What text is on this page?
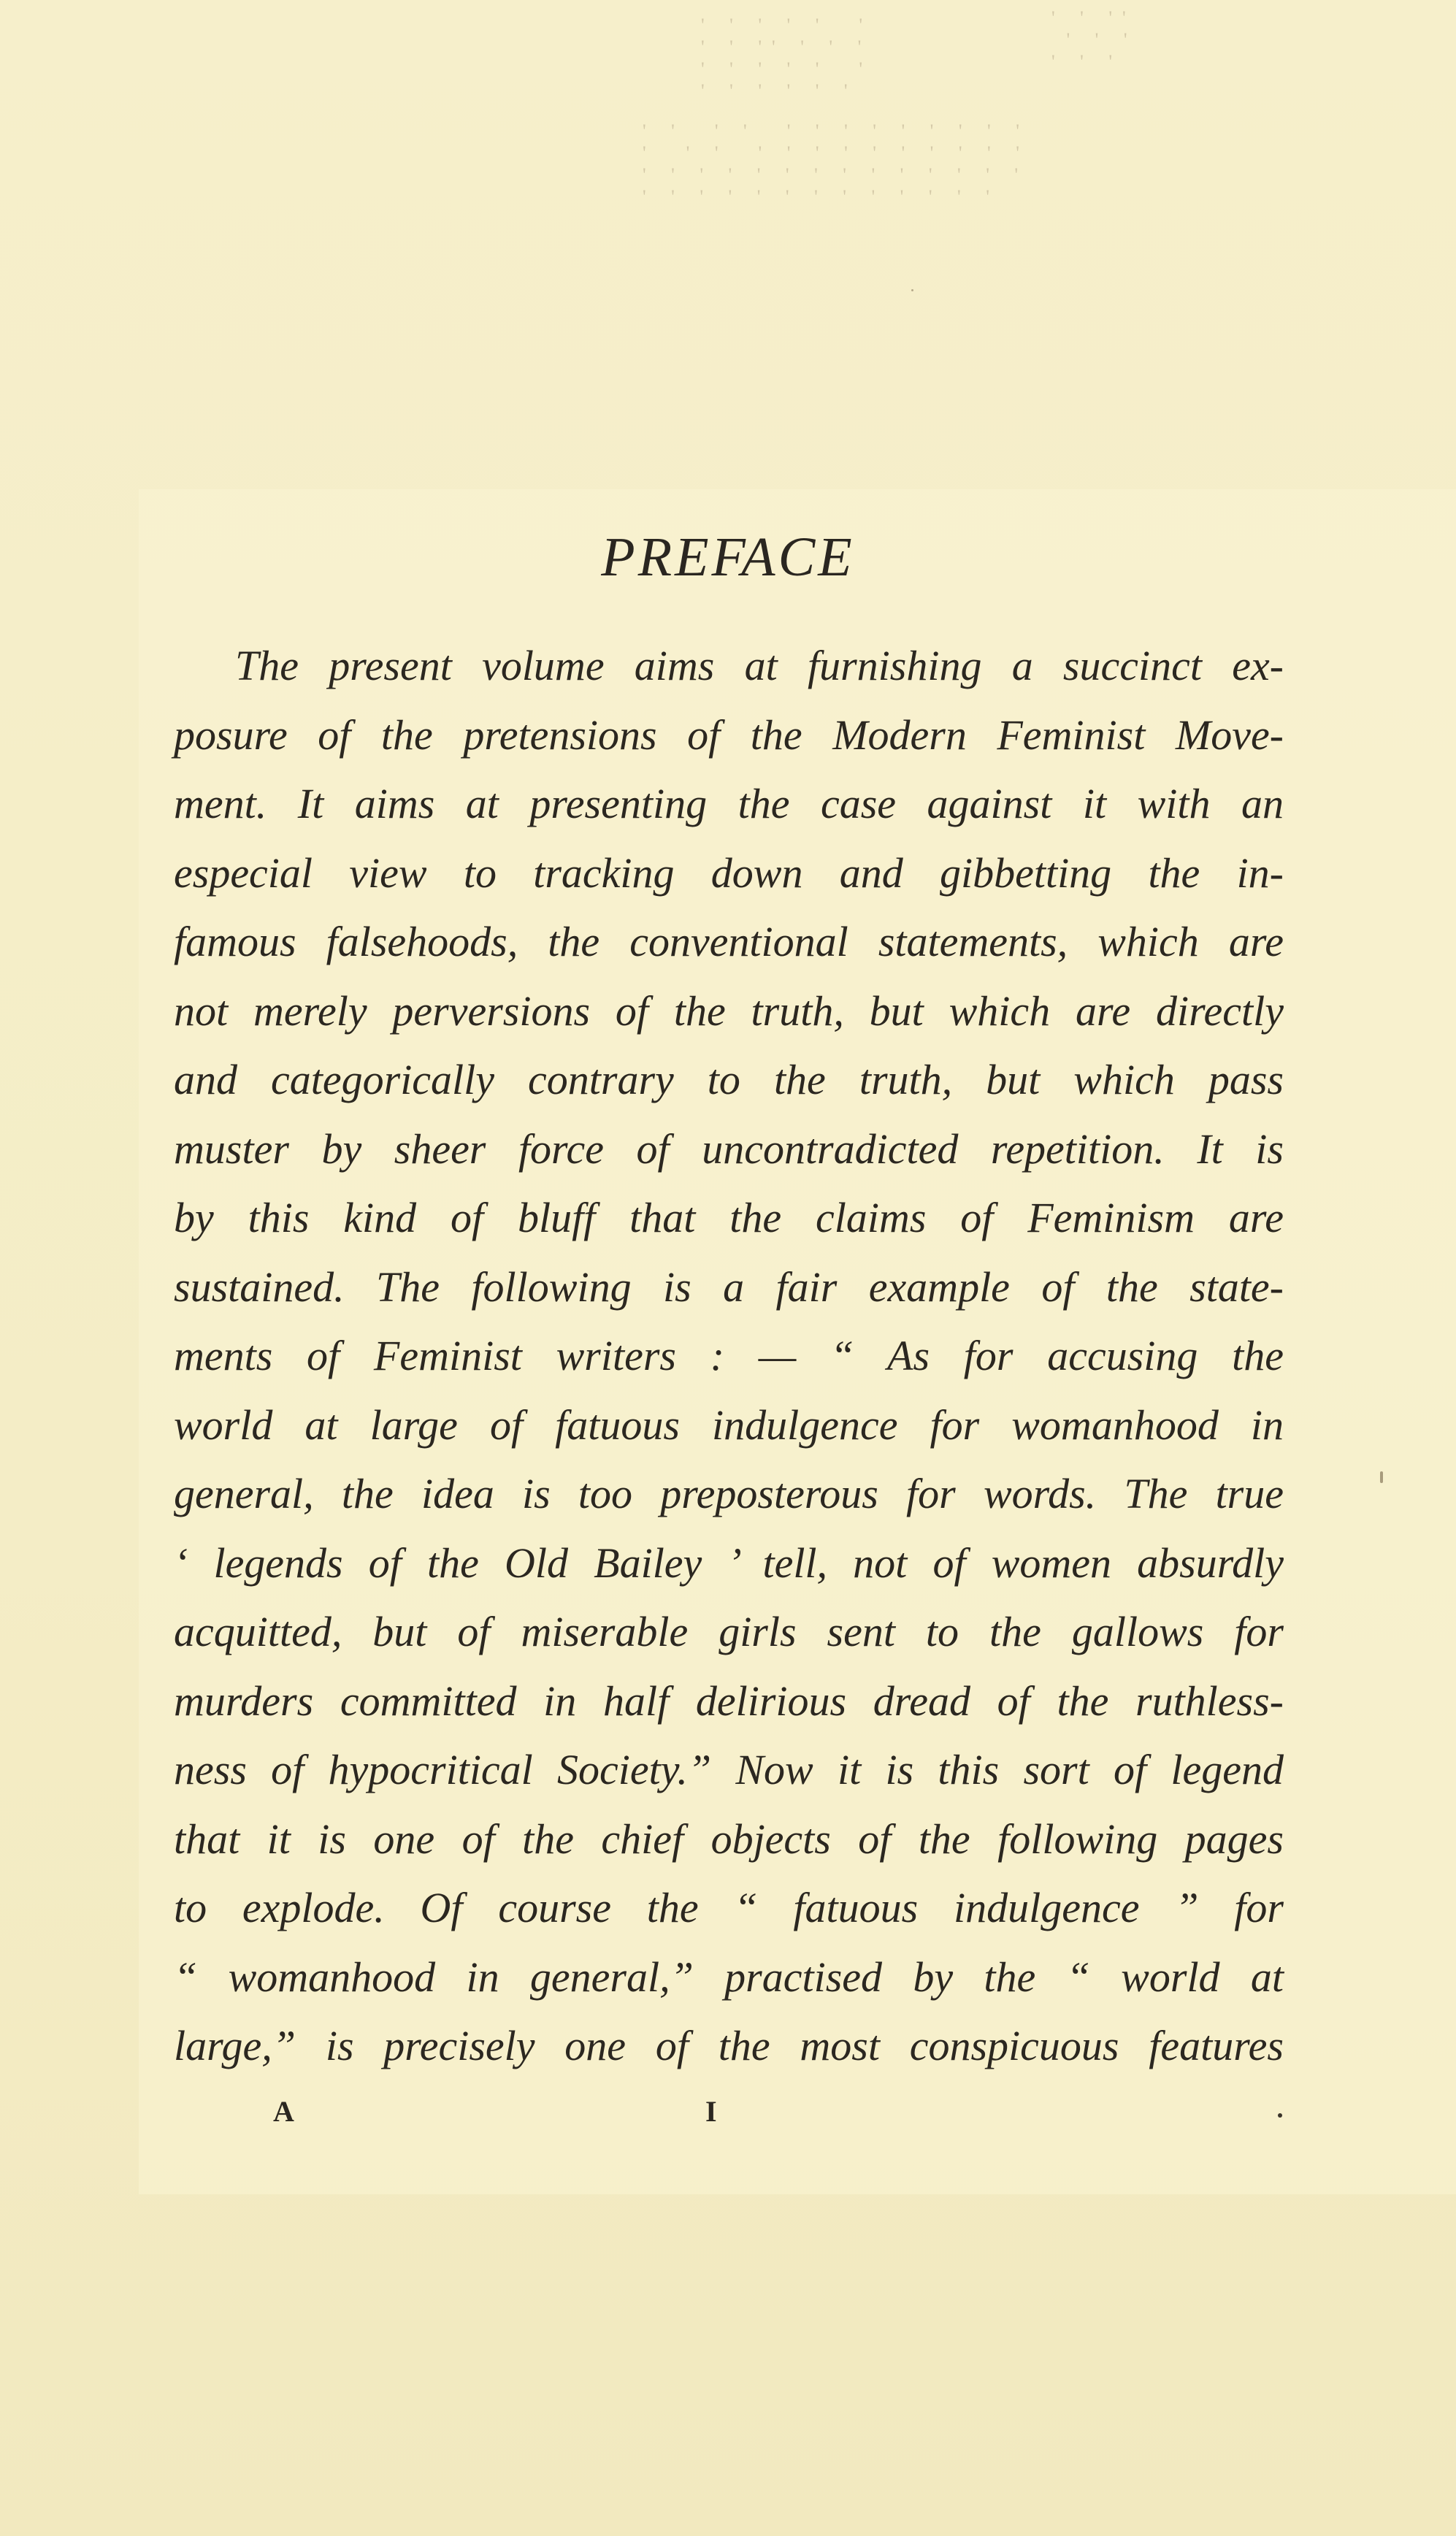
' ' ' ' '  '
' ' '' ' ' '
' ' ' ' '  '
' ' ' ' ' '
' ' ''
' ' '
' ' '
' '  ' '  ' ' ' ' ' ' ' ' '
'  ' '  ' ' ' ' ' ' ' ' ' '
' ' ' ' ' ' ' ' ' ' ' ' ' '
' ' ' ' ' ' ' ' ' ' ' ' '
PREFACE
The present volume aims at furnishing a succinct ex-
posure of the pretensions of the Modern Feminist Move-
ment. It aims at presenting the case against it with an
especial view to tracking down and gibbetting the in-
famous falsehoods, the conventional statements, which are
not merely perversions of the truth, but which are directly
and categorically contrary to the truth, but which pass
muster by sheer force of uncontradicted repetition. It is
by this kind of bluff that the claims of Feminism are
sustained. The following is a fair example of the state-
ments of Feminist writers : — “ As for accusing the
world at large of fatuous indulgence for womanhood in
general, the idea is too preposterous for words. The true
‘ legends of the Old Bailey ’ tell, not of women absurdly
acquitted, but of miserable girls sent to the gallows for
murders committed in half delirious dread of the ruthless-
ness of hypocritical Society.” Now it is this sort of legend
that it is one of the chief objects of the following pages
to explode. Of course the “ fatuous indulgence ” for
“ womanhood in general,” practised by the “ world at
large,” is precisely one of the most conspicuous features
A	I
